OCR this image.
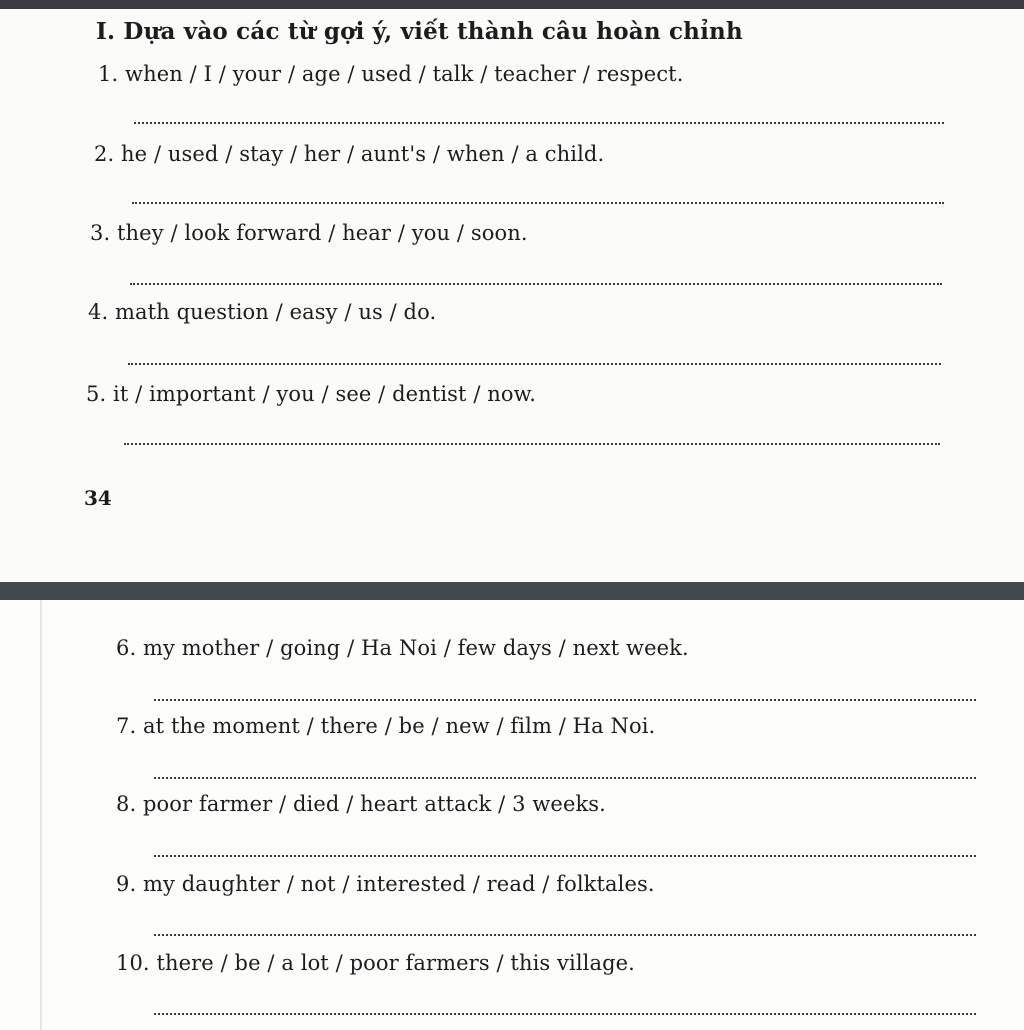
I. Dựa vào các từ gợi ý, viết thành câu hoàn chỉnh
1. when / I / your / age / used / talk / teacher / respect.
2. he / used / stay / her / aunt's / when / a child.
3. they / look forward / hear / you / soon.
4. math question / easy / us / do.
5. it / important / you / see / dentist / now.
34
6. my mother / going / Ha Noi / few days / next week.
7. at the moment / there / be / new / film / Ha Noi.
8. poor farmer / died / heart attack / 3 weeks.
9. my daughter / not / interested / read / folktales.
10. there / be / a lot / poor farmers / this village.
